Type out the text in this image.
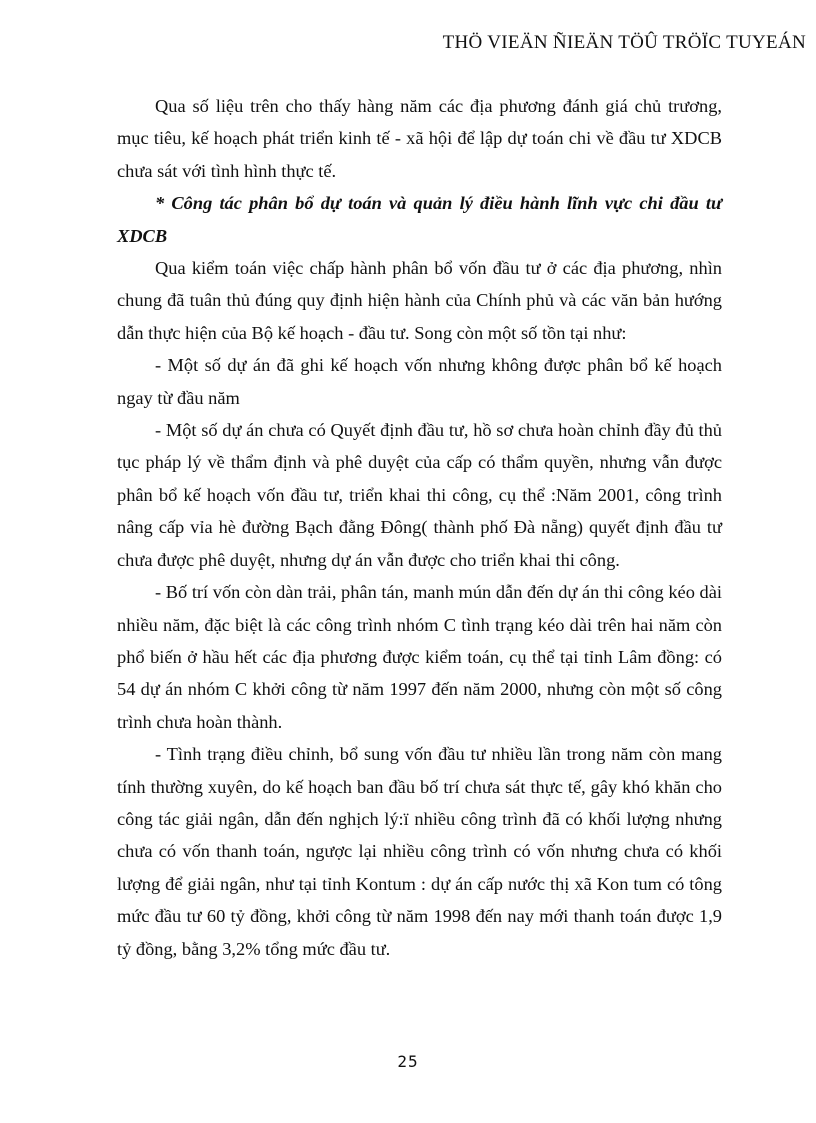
THÖ VIEÄN ÑIEÄN TÖÛ TRÖÏC TUYEÁN

Qua số liệu trên cho thấy hàng năm các địa phương đánh giá chủ trương, mục tiêu, kế hoạch phát triển kinh tế - xã hội để lập dự toán chi về đầu tư XDCB chưa sát với tình hình thực tế.

* Công tác phân bổ dự toán và quản lý điều hành lĩnh vực chi đầu tư XDCB

Qua kiểm toán việc chấp hành phân bổ vốn đầu tư ở các địa phương, nhìn chung đã tuân thủ đúng quy định hiện hành của Chính phủ và các văn bản hướng dẫn thực hiện của Bộ kế hoạch - đầu tư. Song còn một số tồn tại như:

- Một số dự án đã ghi kế hoạch vốn nhưng không được phân bổ kế hoạch ngay từ đầu năm

- Một số dự án chưa có Quyết định đầu tư, hồ sơ chưa hoàn chỉnh đầy đủ thủ tục pháp lý về thẩm định và phê duyệt của cấp có thẩm quyền, nhưng vẫn được phân bổ kế hoạch vốn đầu tư, triển khai thi công, cụ thể :Năm 2001, công trình nâng cấp vỉa hè đường Bạch đằng Đông( thành phố Đà nẵng) quyết định đầu tư chưa được phê duyệt, nhưng dự án vẫn được cho triển khai thi công.

- Bố trí vốn còn dàn trải, phân tán, manh mún dẫn đến dự án thi công kéo dài nhiều năm, đặc biệt là các công trình nhóm C tình trạng kéo dài trên hai năm còn phổ biến ở hầu hết các địa phương được kiểm toán, cụ thể tại tỉnh Lâm đồng: có 54 dự án nhóm C khởi công từ năm 1997 đến năm 2000, nhưng còn một số công trình chưa hoàn thành.

- Tình trạng điều chỉnh, bổ sung vốn đầu tư nhiều lần trong năm còn mang tính thường xuyên, do kế hoạch ban đầu bố trí chưa sát thực tế, gây khó khăn cho công tác giải ngân, dẫn đến nghịch lý:ï nhiều công trình đã có khối lượng nhưng chưa có vốn thanh toán, ngược lại nhiều công trình có vốn nhưng chưa có khối lượng để giải ngân, như tại tỉnh Kontum : dự án cấp nước thị xã Kon tum có tông mức đầu tư 60 tỷ đồng, khởi công từ năm 1998 đến nay mới thanh toán được 1,9 tỷ đồng, bằng 3,2% tổng mức đầu tư.

25
